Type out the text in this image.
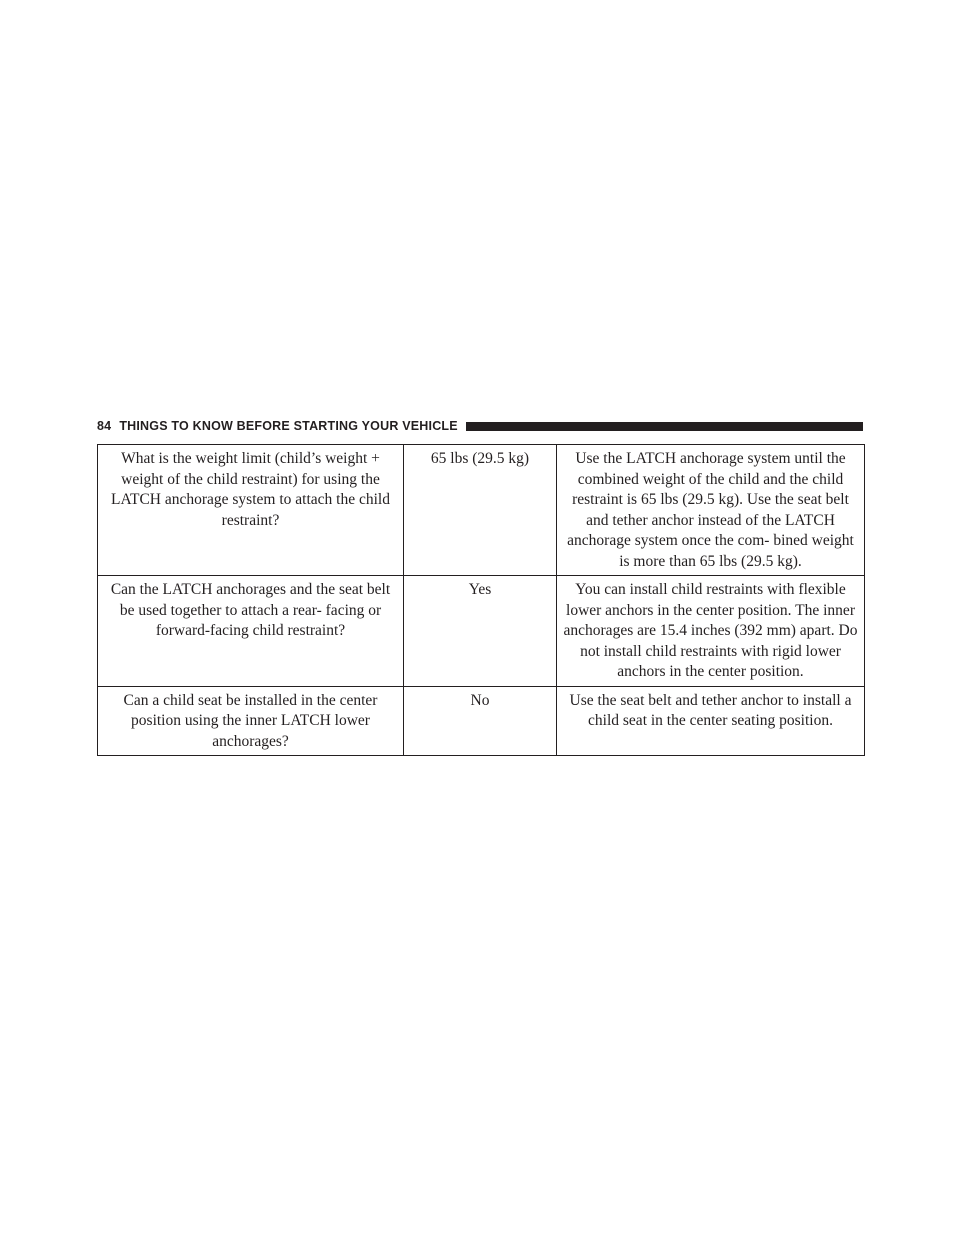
84 THINGS TO KNOW BEFORE STARTING YOUR VEHICLE
What is the weight limit (child’s weight + weight of the child restraint) for using the LATCH anchorage system to attach the child restraint?	65 lbs (29.5 kg)	Use the LATCH anchorage system until the combined weight of the child and the child restraint is 65 lbs (29.5 kg). Use the seat belt and tether anchor instead of the LATCH anchorage system once the com- bined weight is more than 65 lbs (29.5 kg).
Can the LATCH anchorages and the seat belt be used together to attach a rear- facing or forward-facing child restraint?	Yes	You can install child restraints with flexible lower anchors in the center position. The inner anchorages are 15.4 inches (392 mm) apart. Do not install child restraints with rigid lower anchors in the center position.
Can a child seat be installed in the center position using the inner LATCH lower anchorages?	No	Use the seat belt and tether anchor to install a child seat in the center seating position.
